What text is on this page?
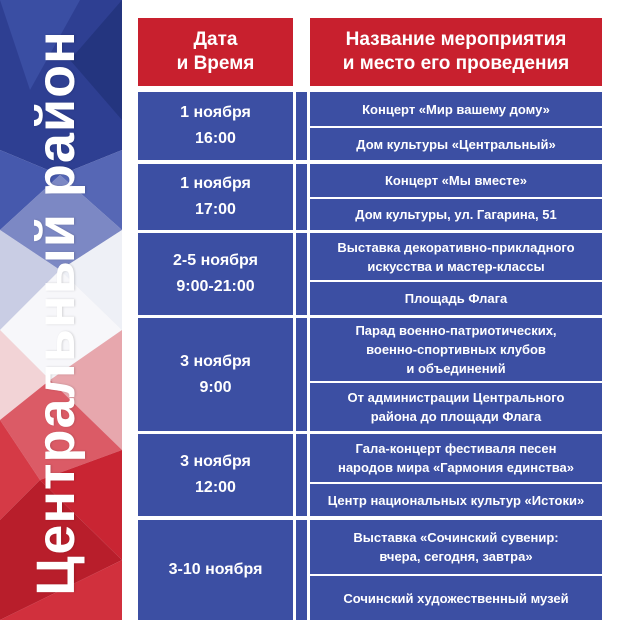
Центральный район	Дата
и Время
Название мероприятия
и место его проведения
1 ноября
16:00
Концерт «Мир вашему дому»
Дом культуры «Центральный»
1 ноября
17:00
Концерт «Мы вместе»
Дом культуры, ул. Гагарина, 51
2-5 ноября
9:00-21:00
Выставка декоративно-прикладного
искусства и мастер-классы
Площадь Флага
3 ноября
9:00
Парад военно-патриотических,
военно-спортивных клубов
и объединений
От администрации Центрального
района до площади Флага
3 ноября
12:00
Гала-концерт фестиваля песен
народов мира «Гармония единства»
Центр национальных культур «Истоки»
3-10 ноября
Выставка «Сочинский сувенир:
вчера, сегодня, завтра»
Сочинский художественный музей
